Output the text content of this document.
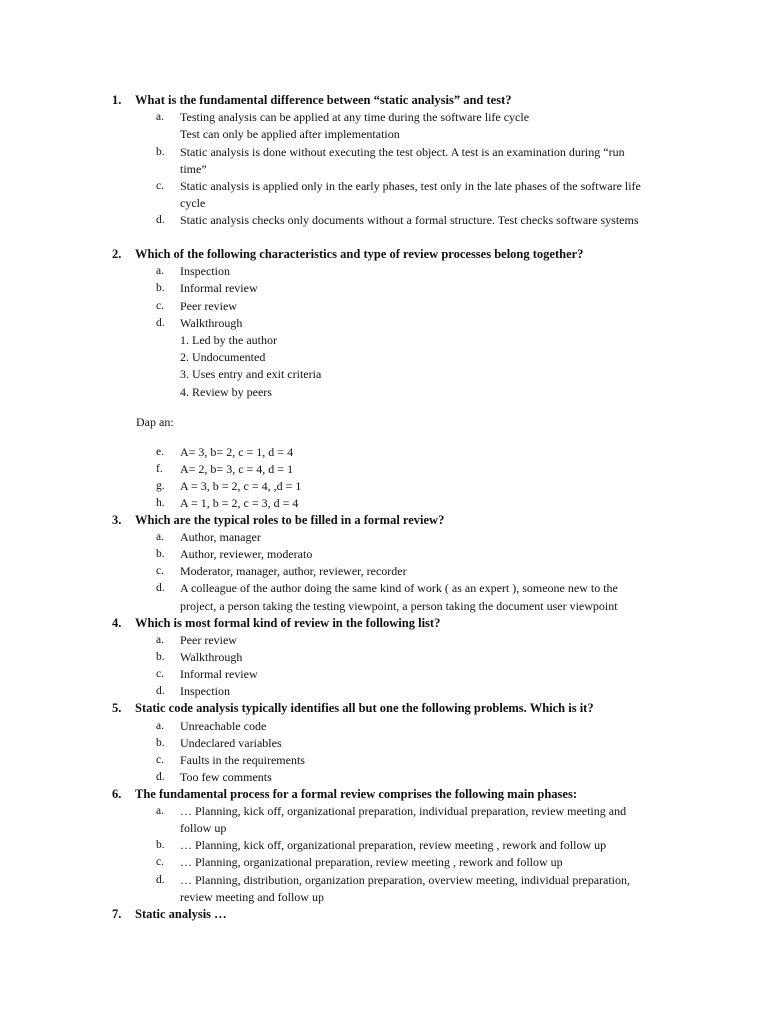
1. What is the fundamental difference between “static analysis” and test?
a. Testing analysis can be applied at any time during the software life cycle
Test can only be applied after implementation
b. Static analysis is done without executing the test object. A test is an examination during “run
time”
c. Static analysis is applied only in the early phases, test only in the late phases of the software life
cycle
d. Static analysis checks only documents without a formal structure. Test checks software systems
2. Which of the following characteristics and type of review processes belong together?
a. Inspection
b. Informal review
c. Peer review
d. Walkthrough
1. Led by the author
2. Undocumented
3. Uses entry and exit criteria
4. Review by peers
Dap an:
e. A= 3, b= 2, c = 1, d = 4
f. A= 2, b= 3, c = 4, d = 1
g. A = 3, b = 2, c = 4, ,d = 1
h. A = 1, b = 2, c = 3, d = 4
3. Which are the typical roles to be filled in a formal review?
a. Author, manager
b. Author, reviewer, moderato
c. Moderator, manager, author, reviewer, recorder
d. A colleague of the author doing the same kind of work ( as an expert ), someone new to the
project, a person taking the testing viewpoint, a person taking the document user viewpoint
4. Which is most formal kind of review in the following list?
a. Peer review
b. Walkthrough
c. Informal review
d. Inspection
5. Static code analysis typically identifies all but one the following problems. Which is it?
a. Unreachable code
b. Undeclared variables
c. Faults in the requirements
d. Too few comments
6. The fundamental process for a formal review comprises the following main phases:
a. … Planning, kick off, organizational preparation, individual preparation, review meeting and
follow up
b. … Planning, kick off, organizational preparation, review meeting , rework and follow up
c. … Planning, organizational preparation, review meeting , rework and follow up
d. … Planning, distribution, organization preparation, overview meeting, individual preparation,
review meeting and follow up
7. Static analysis …
